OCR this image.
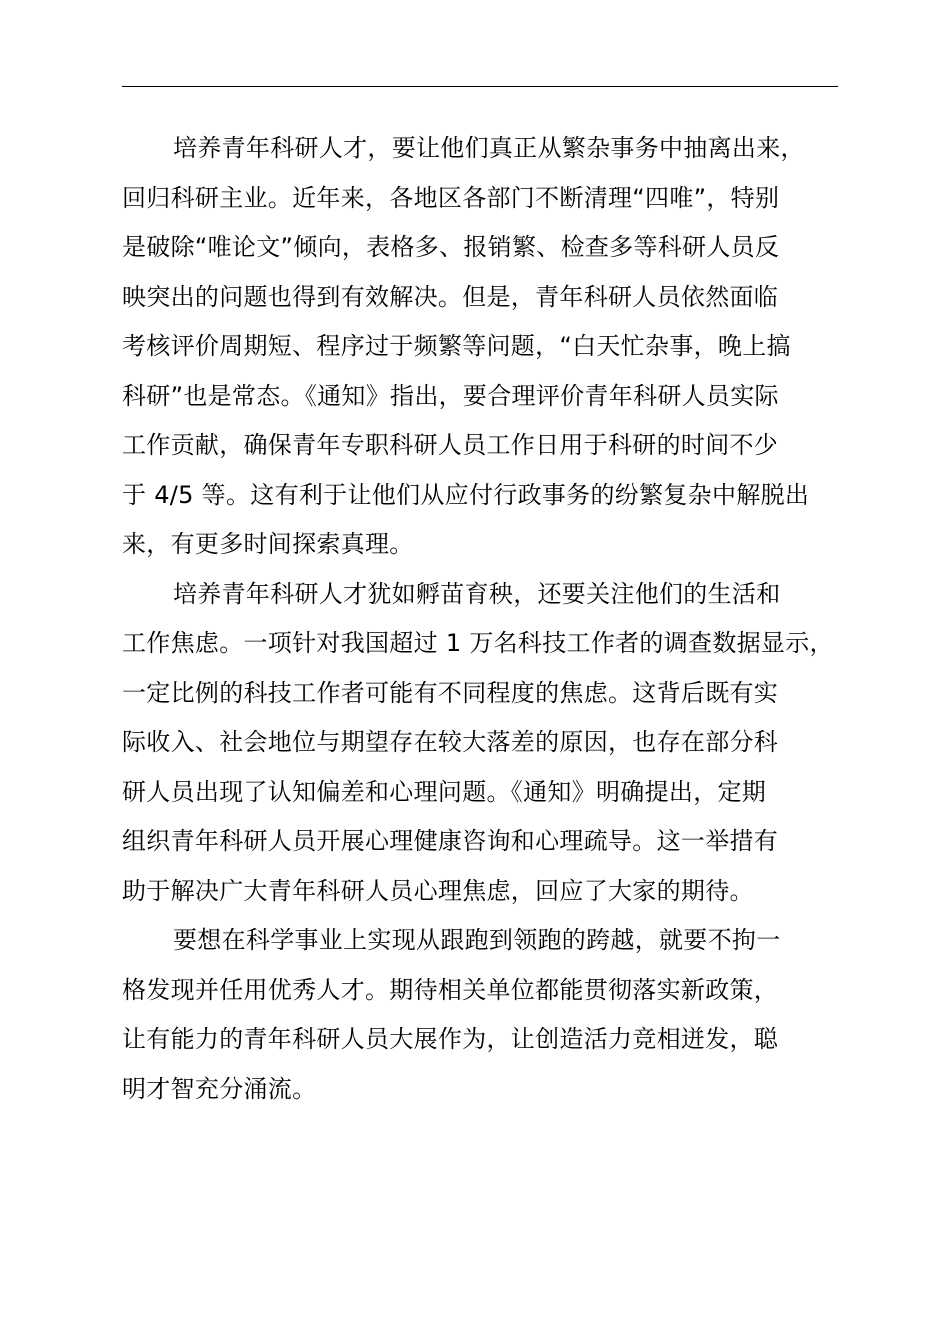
培养青年科研人才，要让他们真正从繁杂事务中抽离出来，
回归科研主业。近年来，各地区各部门不断清理“四唯”，特别
是破除“唯论文”倾向，表格多、报销繁、检查多等科研人员反
映突出的问题也得到有效解决。但是，青年科研人员依然面临
考核评价周期短、程序过于频繁等问题，“白天忙杂事，晚上搞
科研”也是常态。《通知》指出，要合理评价青年科研人员实际
工作贡献，确保青年专职科研人员工作日用于科研的时间不少
于 4/5 等。这有利于让他们从应付行政事务的纷繁复杂中解脱出
来，有更多时间探索真理。
培养青年科研人才犹如孵苗育秧，还要关注他们的生活和
工作焦虑。一项针对我国超过 1 万名科技工作者的调查数据显示，
一定比例的科技工作者可能有不同程度的焦虑。这背后既有实
际收入、社会地位与期望存在较大落差的原因，也存在部分科
研人员出现了认知偏差和心理问题。《通知》明确提出，定期
组织青年科研人员开展心理健康咨询和心理疏导。这一举措有
助于解决广大青年科研人员心理焦虑，回应了大家的期待。
要想在科学事业上实现从跟跑到领跑的跨越，就要不拘一
格发现并任用优秀人才。期待相关单位都能贯彻落实新政策，
让有能力的青年科研人员大展作为，让创造活力竞相迸发，聪
明才智充分涌流。
